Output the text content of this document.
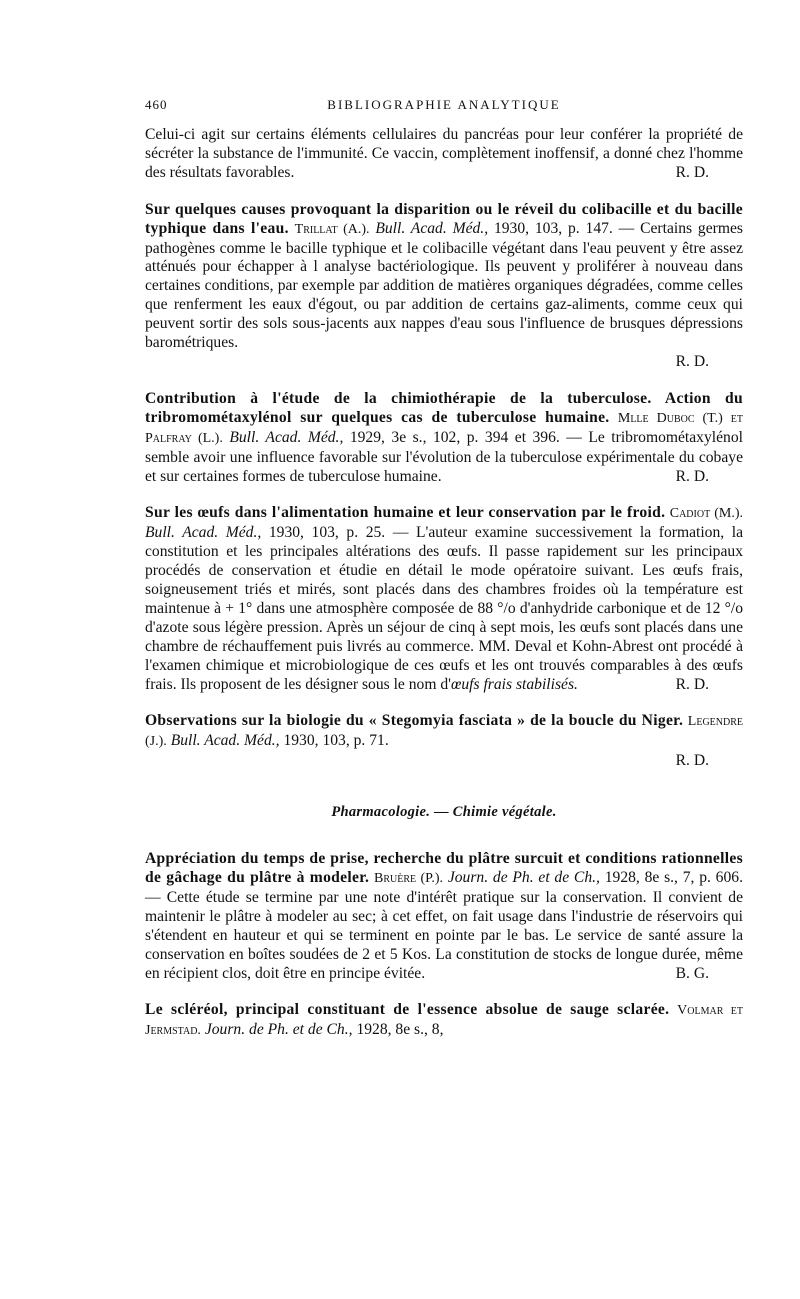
460	BIBLIOGRAPHIE ANALYTIQUE

Celui-ci agit sur certains éléments cellulaires du pancréas pour leur conférer la propriété de sécréter la substance de l'immunité. Ce vaccin, complètement inoffensif, a donné chez l'homme des résultats favorables.	R. D.

Sur quelques causes provoquant la disparition ou le réveil du colibacille et du bacille typhique dans l'eau. Trillat (A.). Bull. Acad. Méd., 1930, 103, p. 147. — Certains germes pathogènes comme le bacille typhique et le colibacille végétant dans l'eau peuvent y être assez atténués pour échapper à l analyse bactériologique. Ils peuvent y proliférer à nouveau dans certaines conditions, par exemple par addition de matières organiques dégradées, comme celles que renferment les eaux d'égout, ou par addition de certains gaz-aliments, comme ceux qui peuvent sortir des sols sous-jacents aux nappes d'eau sous l'influence de brusques dépressions barométriques.

R. D.

Contribution à l'étude de la chimiothérapie de la tuberculose. Action du tribromométaxylénol sur quelques cas de tuberculose humaine. Mlle Duboc (T.) et Palfray (L.). Bull. Acad. Méd., 1929, 3e s., 102, p. 394 et 396. — Le tribromométaxylénol semble avoir une influence favorable sur l'évolution de la tuberculose expérimentale du cobaye et sur certaines formes de tuberculose humaine.	R. D.

Sur les œufs dans l'alimentation humaine et leur conservation par le froid. Cadiot (M.). Bull. Acad. Méd., 1930, 103, p. 25. — L'auteur examine successivement la formation, la constitution et les principales altérations des œufs. Il passe rapidement sur les principaux procédés de conservation et étudie en détail le mode opératoire suivant. Les œufs frais, soigneusement triés et mirés, sont placés dans des chambres froides où la température est maintenue à + 1° dans une atmosphère composée de 88 °/o d'anhydride carbonique et de 12 °/o d'azote sous légère pression. Après un séjour de cinq à sept mois, les œufs sont placés dans une chambre de réchauffement puis livrés au commerce. MM. Deval et Kohn-Abrest ont procédé à l'examen chimique et microbiologique de ces œufs et les ont trouvés comparables à des œufs frais. Ils proposent de les désigner sous le nom d'œufs frais stabilisés.	R. D.

Observations sur la biologie du « Stegomyia fasciata » de la boucle du Niger. Legendre (J.). Bull. Acad. Méd., 1930, 103, p. 71.

R. D.
Pharmacologie. — Chimie végétale.

Appréciation du temps de prise, recherche du plâtre surcuit et conditions rationnelles de gâchage du plâtre à modeler. Bruère (P.). Journ. de Ph. et de Ch., 1928, 8e s., 7, p. 606. — Cette étude se termine par une note d'intérêt pratique sur la conservation. Il convient de maintenir le plâtre à modeler au sec; à cet effet, on fait usage dans l'industrie de réservoirs qui s'étendent en hauteur et qui se terminent en pointe par le bas. Le service de santé assure la conservation en boîtes soudées de 2 et 5 Kos. La constitution de stocks de longue durée, même en récipient clos, doit être en principe évitée.	B. G.

Le scléréol, principal constituant de l'essence absolue de sauge sclarée. Volmar et Jermstad. Journ. de Ph. et de Ch., 1928, 8e s., 8,
